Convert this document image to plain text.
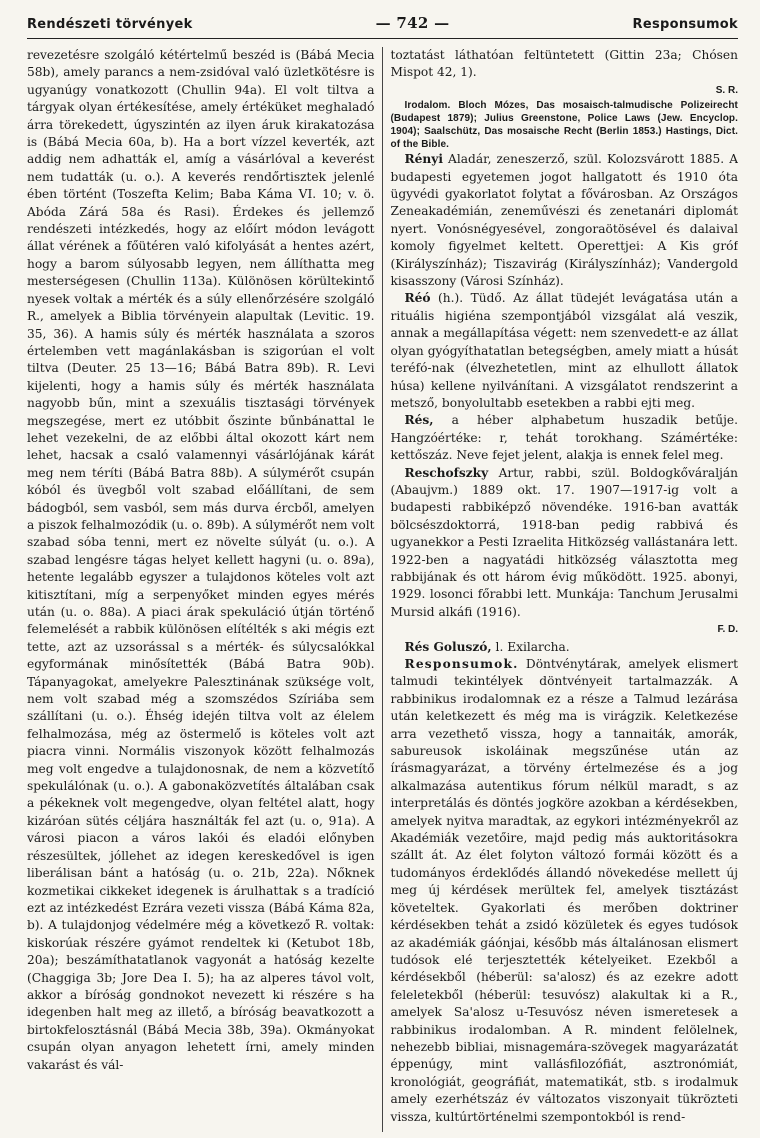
Rendészeti törvények	— 742 —	Responsumok

revezetésre szolgáló kétértelmű beszéd is (Bábá Mecia 58b), amely parancs a nem-zsidóval való üzletkötésre is ugyanúgy vonatkozott (Chullin 94a). El volt tiltva a tárgyak olyan értékesítése, amely értéküket meghaladó árra törekedett, úgyszintén az ilyen áruk kirakatozása is (Bábá Mecia 60a, b). Ha a bort vízzel keverték, azt addig nem adhatták el, amíg a vásárlóval a keverést nem tudatták (u. o.). A keverés rendőrtisztek jelenlé ében történt (Toszefta Kelim; Baba Káma VI. 10; v. ö. Abóda Zárá 58a és Rasi). Érdekes és jellemző rendészeti intézkedés, hogy az előírt módon levágott állat vérének a főütéren való kifolyását a hentes azért, hogy a barom súlyosabb legyen, nem állíthatta meg mesterségesen (Chullin 113a). Különösen körültekintő nyesek voltak a mérték és a súly ellenőrzésére szolgáló R., amelyek a Biblia törvényein alapultak (Levitic. 19. 35, 36). A hamis súly és mérték használata a szoros értelemben vett magánlakásban is szigorúan el volt tiltva (Deuter. 25 13—16; Bábá Batra 89b). R. Levi kijelenti, hogy a hamis súly és mérték használata nagyobb bűn, mint a szexuális tisztasági törvények megszegése, mert ez utóbbit őszinte bűnbánattal le lehet vezekelni, de az előbbi által okozott kárt nem lehet, hacsak a csaló valamennyi vásárlójának kárát meg nem téríti (Bábá Batra 88b). A súlymérőt csupán kóból és üvegből volt szabad előállítani, de sem bádogból, sem vasból, sem más durva ércből, amelyen a piszok felhalmozódik (u. o. 89b). A súlymérőt nem volt szabad sóba tenni, mert ez növelte súlyát (u. o.). A szabad lengésre tágas helyet kellett hagyni (u. o. 89a), hetente legalább egyszer a tulajdonos köteles volt azt kitisztítani, míg a serpenyőket minden egyes mérés után (u. o. 88a). A piaci árak spekuláció útján történő felemelését a rabbik különösen elítélték s aki mégis ezt tette, azt az uzsorással s a mérték- és súlycsalókkal egyformának minősítették (Bábá Batra 90b). Tápanyagokat, amelyekre Palesztinának szüksége volt, nem volt szabad még a szomszédos Szíriába sem szállítani (u. o.). Éhség idején tiltva volt az élelem felhalmozása, még az östermelő is köteles volt azt piacra vinni. Normális viszonyok között felhalmozás meg volt engedve a tulajdonosnak, de nem a közvetítő spekulálónak (u. o.). A gabonaközvetítés általában csak a pékeknek volt megengedve, olyan feltétel alatt, hogy kizáróan sütés céljára használták fel azt (u. o, 91a). A városi piacon a város lakói és eladói előnyben részesültek, jóllehet az idegen kereskedővel is igen liberálisan bánt a hatóság (u. o. 21b, 22a). Nőknek kozmetikai cikkeket idegenek is árulhattak s a tradíció ezt az intézkedést Ezrára vezeti vissza (Bábá Káma 82a, b). A tulajdonjog védelmére még a következő R. voltak: kiskorúak részére gyámot rendeltek ki (Ketubot 18b, 20a); beszámíthatatlanok vagyonát a hatóság kezelte (Chaggiga 3b; Jore Dea I. 5); ha az alperes távol volt, akkor a bíróság gondnokot nevezett ki részére s ha idegenben halt meg az illető, a bíróság beavatkozott a birtokfelosztásnál (Bábá Mecia 38b, 39a). Okmányokat csupán olyan anyagon lehetett írni, amely minden vakarást és vál-

toztatást láthatóan feltüntetett (Gittin 23a; Chósen Mispot 42, 1).

S. R.

Irodalom. Bloch Mózes, Das mosaisch-talmudische Polizeirecht (Budapest 1879); Julius Greenstone, Police Laws (Jew. Encyclop. 1904); Saalschütz, Das mosaische Recht (Berlin 1853.) Hastings, Dict. of the Bible.

Rényi Aladár, zeneszerző, szül. Kolozsvárott 1885. A budapesti egyetemen jogot hallgatott és 1910 óta ügyvédi gyakorlatot folytat a fővárosban. Az Országos Zeneakadémián, zeneművészi és zenetanári diplomát nyert. Vonósnégyesével, zongoraötösével és dalaival komoly figyelmet keltett. Operettjei: A Kis gróf (Királyszínház); Tiszavirág (Királyszínház); Vandergold kisasszony (Városi Színház).

Réó (h.). Tüdő. Az állat tüdejét levágatása után a rituális higiéna szempontjából vizsgálat alá veszik, annak a megállapítása végett: nem szenvedett-e az állat olyan gyógyíthatatlan betegségben, amely miatt a húsát teréfó-nak (élvezhetetlen, mint az elhullott állatok húsa) kellene nyilvánítani. A vizsgálatot rendszerint a metsző, bonyolultabb esetekben a rabbi ejti meg.

Rés, a héber alphabetum huszadik betűje. Hangzóértéke: r, tehát torokhang. Számértéke: kettőszáz. Neve fejet jelent, alakja is ennek felel meg.

Reschofszky Artur, rabbi, szül. Boldogkőváralján (Abaujvm.) 1889 okt. 17. 1907—1917-ig volt a budapesti rabbiképző növendéke. 1916-ban avatták bölcsészdoktorrá, 1918-ban pedig rabbivá és ugyanekkor a Pesti Izraelita Hitközség vallástanára lett. 1922-ben a nagyatádi hitközség választotta meg rabbijának és ott három évig működött. 1925. abonyi, 1929. losonci főrabbi lett. Munkája: Tanchum Jerusalmi Mursid alkáfi (1916).

F. D.

Rés Goluszó, l. Exilarcha.

Responsumok. Döntvénytárak, amelyek elismert talmudi tekintélyek döntvényeit tartalmazzák. A rabbinikus irodalomnak ez a része a Talmud lezárása után keletkezett és még ma is virágzik. Keletkezése arra vezethető vissza, hogy a tannaiták, amorák, sabureusok iskoláinak megszűnése után az írásmagyarázat, a törvény értelmezése és a jog alkalmazása autentikus fórum nélkül maradt, s az interpretálás és döntés jogköre azokban a kérdésekben, amelyek nyitva maradtak, az egykori intézményekről az Akadémiák vezetőire, majd pedig más auktoritásokra szállt át. Az élet folyton változó formái között és a tudományos érdeklődés állandó növekedése mellett új meg új kérdések merültek fel, amelyek tisztázást követeltek. Gyakorlati és merőben doktriner kérdésekben tehát a zsidó közületek és egyes tudósok az akadémiák gáónjai, később más általánosan elismert tudósok elé terjesztették kételyeiket. Ezekből a kérdésekből (héberül: sa'alosz) és az ezekre adott feleletekből (héberül: tesuvósz) alakultak ki a R., amelyek Sa'alosz u-Tesuvósz néven ismeretesek a rabbinikus irodalomban. A R. mindent felölelnek, nehezebb bibliai, misnagemára-szövegek magyarázatát éppenúgy, mint vallásfilozófiát, asztronómiát, kronológiát, geográfiát, matematikát, stb. s irodalmuk amely ezerhétszáz év változatos viszonyait tükrözteti vissza, kultúrtörténelmi szempontokból is rend-
